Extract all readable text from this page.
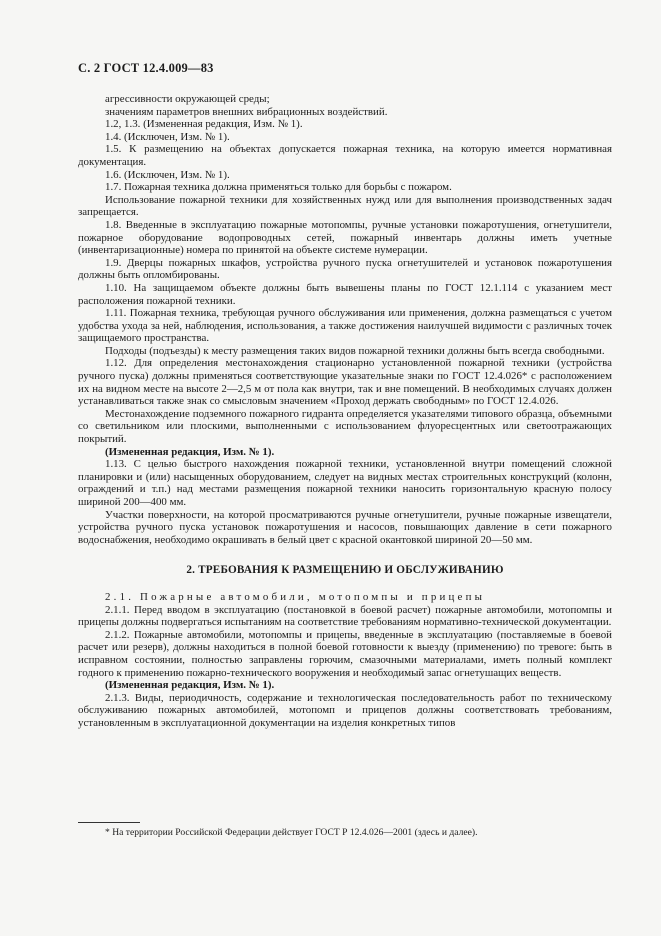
С. 2 ГОСТ 12.4.009—83

агрессивности окружающей среды;

значениям параметров внешних вибрационных воздействий.

1.2, 1.3. (Измененная редакция, Изм. № 1).

1.4. (Исключен, Изм. № 1).

1.5. К размещению на объектах допускается пожарная техника, на которую имеется нормативная документация.

1.6. (Исключен, Изм. № 1).

1.7. Пожарная техника должна применяться только для борьбы с пожаром.

Использование пожарной техники для хозяйственных нужд или для выполнения производственных задач запрещается.

1.8. Введенные в эксплуатацию пожарные мотопомпы, ручные установки пожаротушения, огнетушители, пожарное оборудование водопроводных сетей, пожарный инвентарь должны иметь учетные (инвентаризационные) номера по принятой на объекте системе нумерации.

1.9. Дверцы пожарных шкафов, устройства ручного пуска огнетушителей и установок пожаротушения должны быть опломбированы.

1.10. На защищаемом объекте должны быть вывешены планы по ГОСТ 12.1.114 с указанием мест расположения пожарной техники.

1.11. Пожарная техника, требующая ручного обслуживания или применения, должна размещаться с учетом удобства ухода за ней, наблюдения, использования, а также достижения наилучшей видимости с различных точек защищаемого пространства.

Подходы (подъезды) к месту размещения таких видов пожарной техники должны быть всегда свободными.

1.12. Для определения местонахождения стационарно установленной пожарной техники (устройства ручного пуска) должны применяться соответствующие указательные знаки по ГОСТ 12.4.026* с расположением их на видном месте на высоте 2—2,5 м от пола как внутри, так и вне помещений. В необходимых случаях должен устанавливаться также знак со смысловым значением «Проход держать свободным» по ГОСТ 12.4.026.

Местонахождение подземного пожарного гидранта определяется указателями типового образца, объемными со светильником или плоскими, выполненными с использованием флуоресцентных или светоотражающих покрытий.

(Измененная редакция, Изм. № 1).

1.13. С целью быстрого нахождения пожарной техники, установленной внутри помещений сложной планировки и (или) насыщенных оборудованием, следует на видных местах строительных конструкций (колонн, ограждений и т.п.) над местами размещения пожарной техники наносить горизонтальную красную полосу шириной 200—400 мм.

Участки поверхности, на которой просматриваются ручные огнетушители, ручные пожарные извещатели, устройства ручного пуска установок пожаротушения и насосов, повышающих давление в сети пожарного водоснабжения, необходимо окрашивать в белый цвет с красной окантовкой шириной 20—50 мм.

2. ТРЕБОВАНИЯ К РАЗМЕЩЕНИЮ И ОБСЛУЖИВАНИЮ

2.1. Пожарные автомобили, мотопомпы и прицепы

2.1.1. Перед вводом в эксплуатацию (постановкой в боевой расчет) пожарные автомобили, мотопомпы и прицепы должны подвергаться испытаниям на соответствие требованиям нормативно-технической документации.

2.1.2. Пожарные автомобили, мотопомпы и прицепы, введенные в эксплуатацию (поставляемые в боевой расчет или резерв), должны находиться в полной боевой готовности к выезду (применению) по тревоге: быть в исправном состоянии, полностью заправлены горючим, смазочными материалами, иметь полный комплект годного к применению пожарно-технического вооружения и необходимый запас огнетушащих веществ.

(Измененная редакция, Изм. № 1).

2.1.3. Виды, периодичность, содержание и технологическая последовательность работ по техническому обслуживанию пожарных автомобилей, мотопомп и прицепов должны соответствовать требованиям, установленным в эксплуатационной документации на изделия конкретных типов

* На территории Российской Федерации действует ГОСТ Р 12.4.026—2001 (здесь и далее).
